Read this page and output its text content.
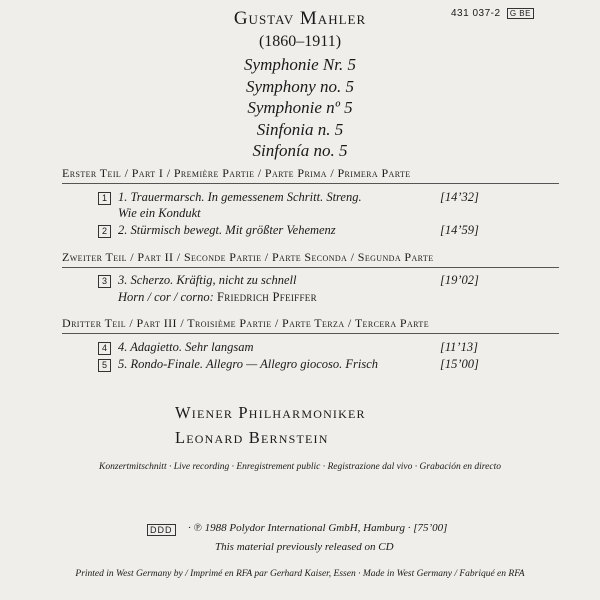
Gustav Mahler
(1860–1911)
431 037-2 G BE
Symphonie Nr. 5
Symphony no. 5
Symphonie nº 5
Sinfonia n. 5
Sinfonía no. 5
Erster Teil / Part I / Première Partie / Parte Prima / Primera Parte
1 1. Trauermarsch. In gemessenem Schritt. Streng.	[14’32]
Wie ein Kondukt
2 2. Stürmisch bewegt. Mit größter Vehemenz	[14’59]
Zweiter Teil / Part II / Seconde Partie / Parte Seconda / Segunda Parte
3 3. Scherzo. Kräftig, nicht zu schnell	[19’02]
Horn / cor / corno: Friedrich Pfeiffer
Dritter Teil / Part III / Troisième Partie / Parte Terza / Tercera Parte
4 4. Adagietto. Sehr langsam	[11’13]
5 5. Rondo-Finale. Allegro — Allegro giocoso. Frisch	[15’00]
Wiener Philharmoniker
Leonard Bernstein
Konzertmitschnitt · Live recording · Enregistrement public · Registrazione dal vivo · Grabación en directo
DDD · ℗ 1988 Polydor International GmbH, Hamburg · [75’00]
This material previously released on CD
Printed in West Germany by / Imprimé en RFA par Gerhard Kaiser, Essen · Made in West Germany / Fabriqué en RFA
